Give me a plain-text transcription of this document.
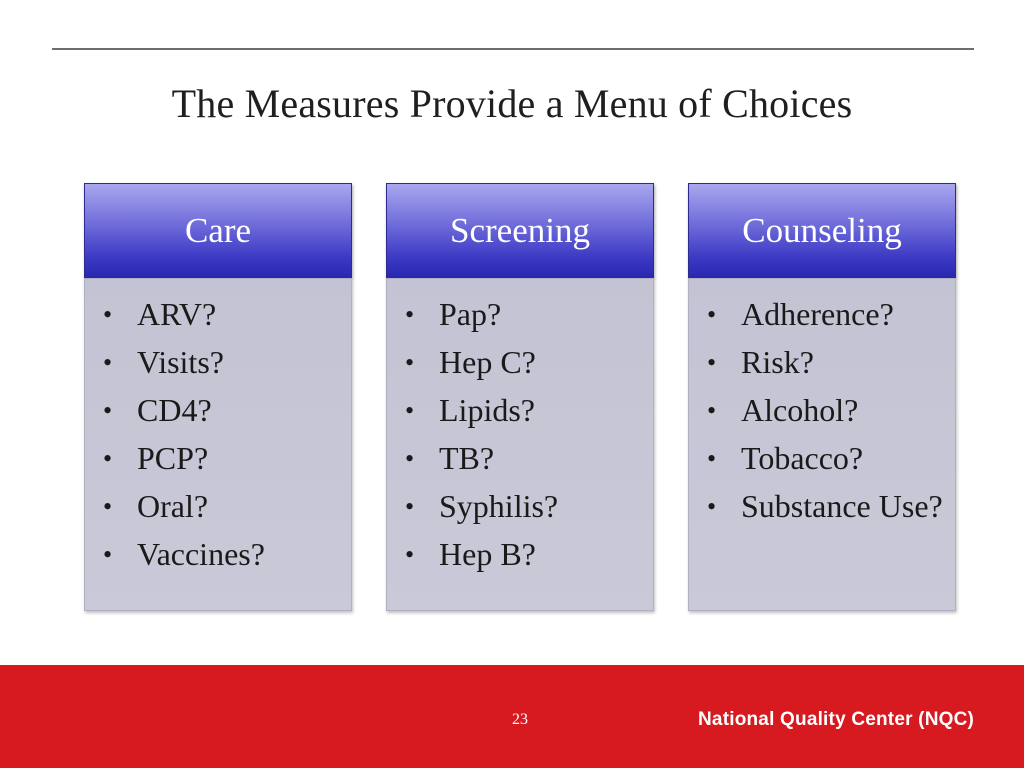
The Measures Provide a Menu of Choices
Care
• ARV?
• Visits?
• CD4?
• PCP?
• Oral?
• Vaccines?
Screening
• Pap?
• Hep C?
• Lipids?
• TB?
• Syphilis?
• Hep B?
Counseling
• Adherence?
• Risk?
• Alcohol?
• Tobacco?
• Substance Use?
23	National Quality Center (NQC)
